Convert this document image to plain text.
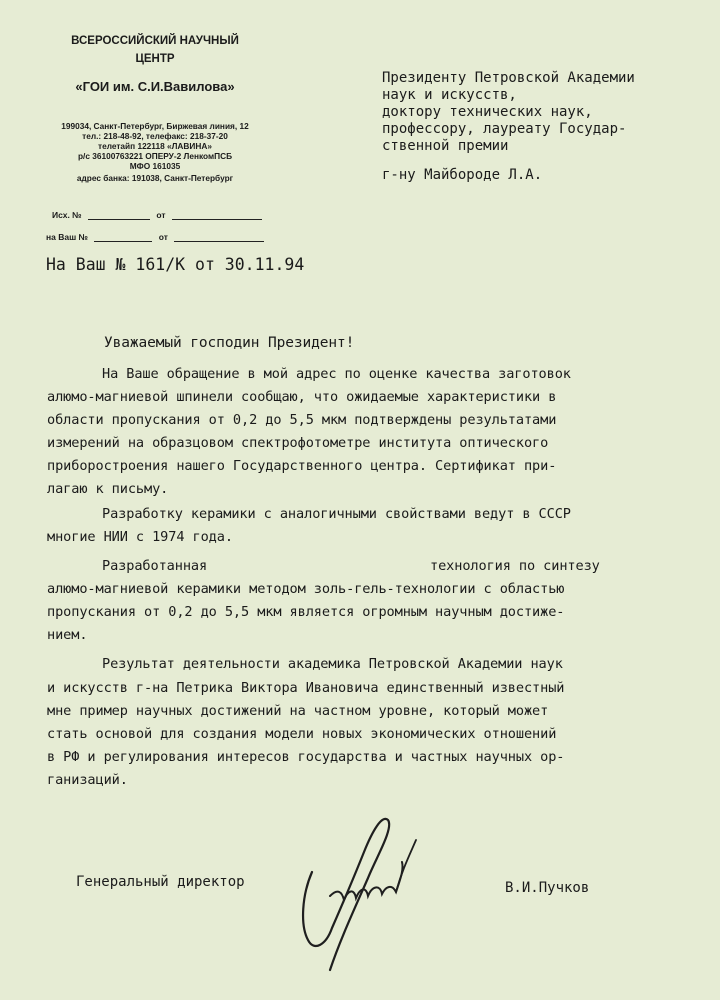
ВСЕРОССИЙСКИЙ НАУЧНЫЙ
ЦЕНТР
«ГОИ им. С.И.Вавилова»
199034, Санкт-Петербург, Биржевая линия, 12
тел.: 218-48-92, телефакс: 218-37-20
телетайп 122118 «ЛАВИНА»
р/с 36100763221 ОПЕРУ-2 ЛенкомПСБ
МФО 161035
адрес банка: 191038, Санкт-Петербург
Исх. №	от
на Ваш №	от
Президенту Петровской Академии
наук и искусств,
доктору технических наук,
профессору, лауреату Государ-
ственной премии
г-ну Майбороде Л.А.
На Ваш № 161/К от 30.11.94
Уважаемый господин Президент!
На Ваше обращение в мой адрес по оценке качества заготовок
алюмо-магниевой шпинели сообщаю, что ожидаемые характеристики в
области пропускания от 0,2 до 5,5 мкм подтверждены результатами
измерений на образцовом спектрофотометре института оптического
приборостроения нашего Государственного центра. Сертификат при-
лагаю к письму.
Разработку керамики с аналогичными свойствами ведут в СССР
многие НИИ с 1974 года.
Разработанная	технология по синтезу
алюмо-магниевой керамики методом золь-гель-технологии с областью
пропускания от 0,2 до 5,5 мкм является огромным научным достиже-
нием.
Результат деятельности академика Петровской Академии наук
и искусств г-на Петрика Виктора Ивановича единственный известный
мне пример научных достижений на частном уровне, который может
стать основой для создания модели новых экономических отношений
в РФ и регулирования интересов государства и частных научных ор-
ганизаций.
Генеральный директор	В.И.Пучков
